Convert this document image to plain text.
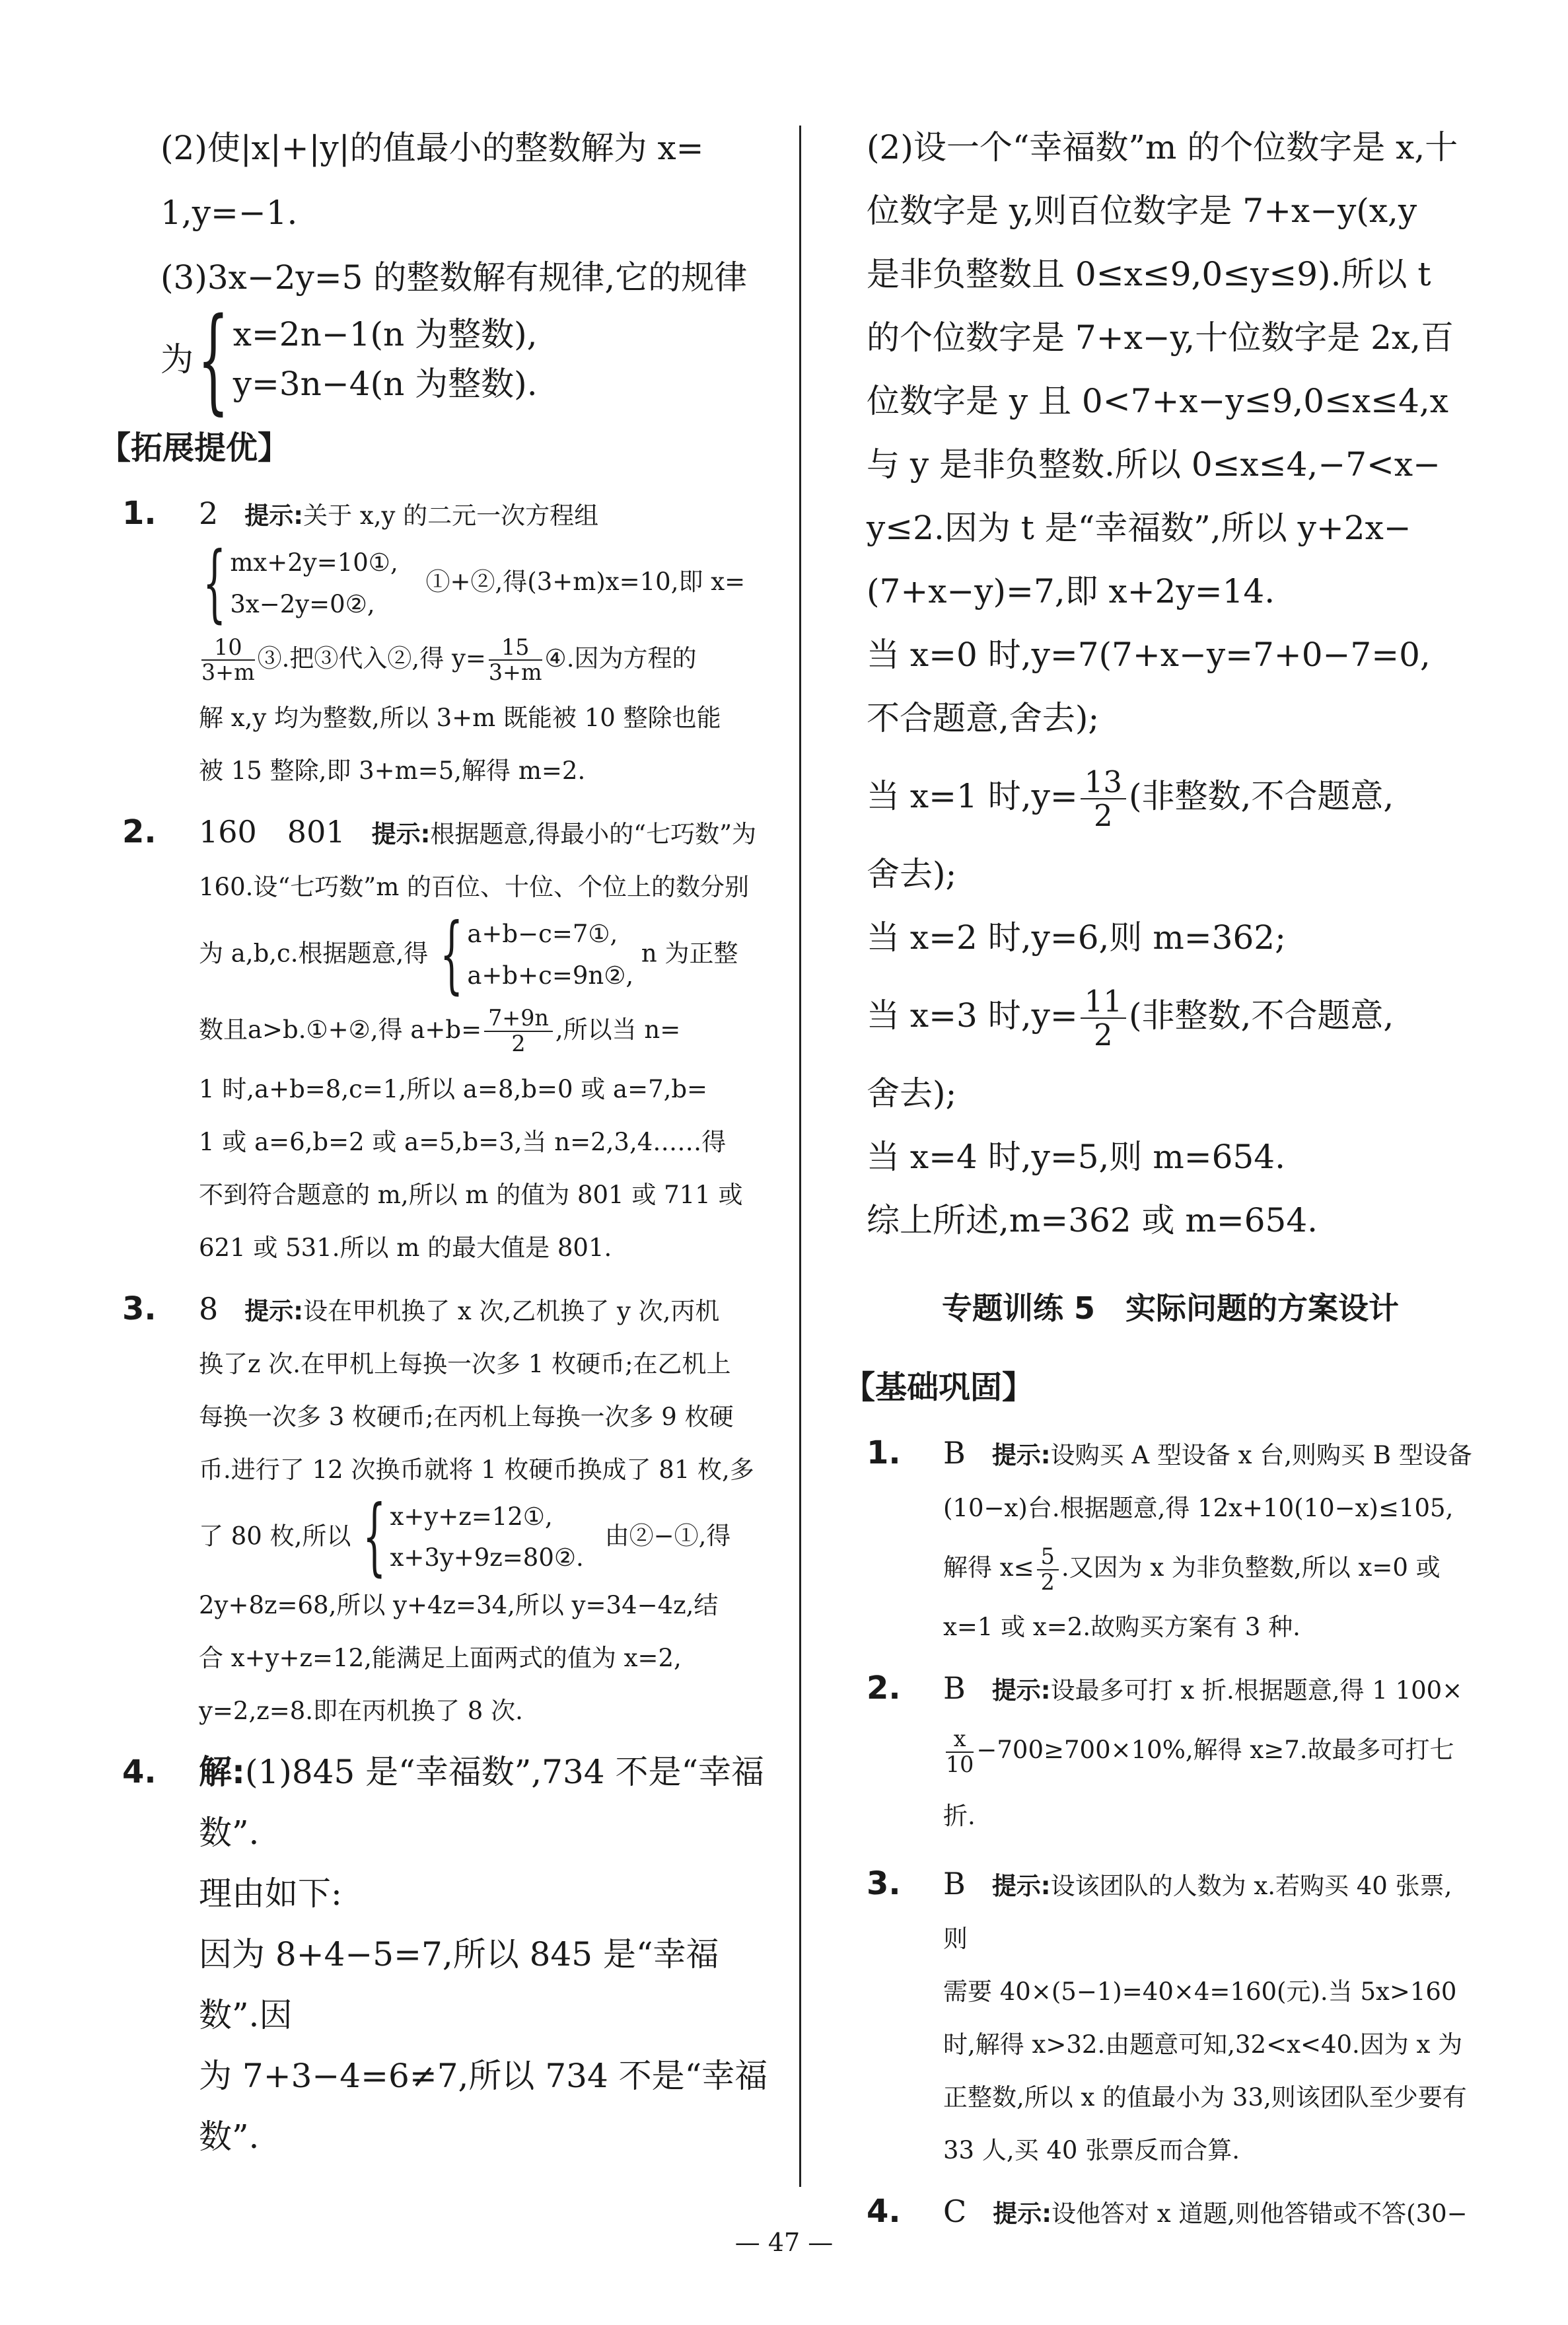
(2)使|x|+|y|的值最小的整数解为 x=
1,y=−1.
(3)3x−2y=5 的整数解有规律,它的规律
为 { x=2n−1(n 为整数),
y=3n−4(n 为整数).
【拓展提优】
1. 2 提示:关于 x,y 的二元一次方程组
{ mx+2y=10①,
3x−2y=0②,
①+②,得(3+m)x=10,即 x=
$\frac{10}{3+m}$ ③.把③代入②,得 $y= \frac{15}{3+m}$ ④.因为方程的
解 x,y 均为整数,所以 3+m 既能被 10 整除也能
被 15 整除,即 3+m=5,解得 m=2.
2. 160　801 提示:根据题意,得最小的“七巧数”为
160.设“七巧数”m 的百位、十位、个位上的数分别
为 a,b,c.根据题意,得 { a+b−c=7①,
a+b+c=9n②,
n 为正整
数且a>b.①+②,得 $a+b= \frac{7+9n}{2}$ ,所以当 n=
1 时,a+b=8,c=1,所以 a=8,b=0 或 a=7,b=
1 或 a=6,b=2 或 a=5,b=3,当 n=2,3,4……得
不到符合题意的 m,所以 m 的值为 801 或 711 或
621 或 531.所以 m 的最大值是 801.
3. 8 提示:设在甲机换了 x 次,乙机换了 y 次,丙机
换了z 次.在甲机上每换一次多 1 枚硬币;在乙机上
每换一次多 3 枚硬币;在丙机上每换一次多 9 枚硬
币.进行了 12 次换币就将 1 枚硬币换成了 81 枚,多
了 80 枚,所以 { x+y+z=12①,
x+3y+9z=80②.
由②−①,得
2y+8z=68,所以 y+4z=34,所以 y=34−4z,结
合 x+y+z=12,能满足上面两式的值为 x=2,
y=2,z=8.即在丙机换了 8 次.
4. 解:(1)845 是“幸福数”,734 不是“幸福数”.
理由如下:
因为 8+4−5=7,所以 845 是“幸福数”.因
为 7+3−4=6≠7,所以 734 不是“幸福
数”.
(2)设一个“幸福数”m 的个位数字是 x,十
位数字是 y,则百位数字是 7+x−y(x,y
是非负整数且 0≤x≤9,0≤y≤9).所以 t
的个位数字是 7+x−y,十位数字是 2x,百
位数字是 y 且 0<7+x−y≤9,0≤x≤4,x
与 y 是非负整数.所以 0≤x≤4,−7<x−
y≤2.因为 t 是“幸福数”,所以 y+2x−
(7+x−y)=7,即 x+2y=14.
当 x=0 时,y=7(7+x−y=7+0−7=0,
不合题意,舍去);
当 x=1 时$,y= \frac{13}{2}$ (非整数,不合题意,
舍去);
当 x=2 时,y=6,则 m=362;
当 x=3 时$,y= \frac{11}{2}$ (非整数,不合题意,
舍去);
当 x=4 时,y=5,则 m=654.
综上所述,m=362 或 m=654.
专题训练 5　实际问题的方案设计
【基础巩固】
1. B 提示:设购买 A 型设备 x 台,则购买 B 型设备
(10−x)台.根据题意,得 12x+10(10−x)≤105,
解得 $x\le \frac{5}{2}$ .又因为 x 为非负整数,所以 x=0 或
x=1 或 x=2.故购买方案有 3 种.
2. B 提示:设最多可打 x 折.根据题意,得 1 100×
$\frac{x}{10} -700\ge 700\times 10\%$,解得 x≥7.故最多可打七折.
3. B 提示:设该团队的人数为 x.若购买 40 张票,则
需要 40×(5−1)=40×4=160(元).当 5x>160
时,解得 x>32.由题意可知,32<x<40.因为 x 为
正整数,所以 x 的值最小为 33,则该团队至少要有
33 人,买 40 张票反而合算.
4. C 提示:设他答对 x 道题,则他答错或不答(30−
— 47 —
